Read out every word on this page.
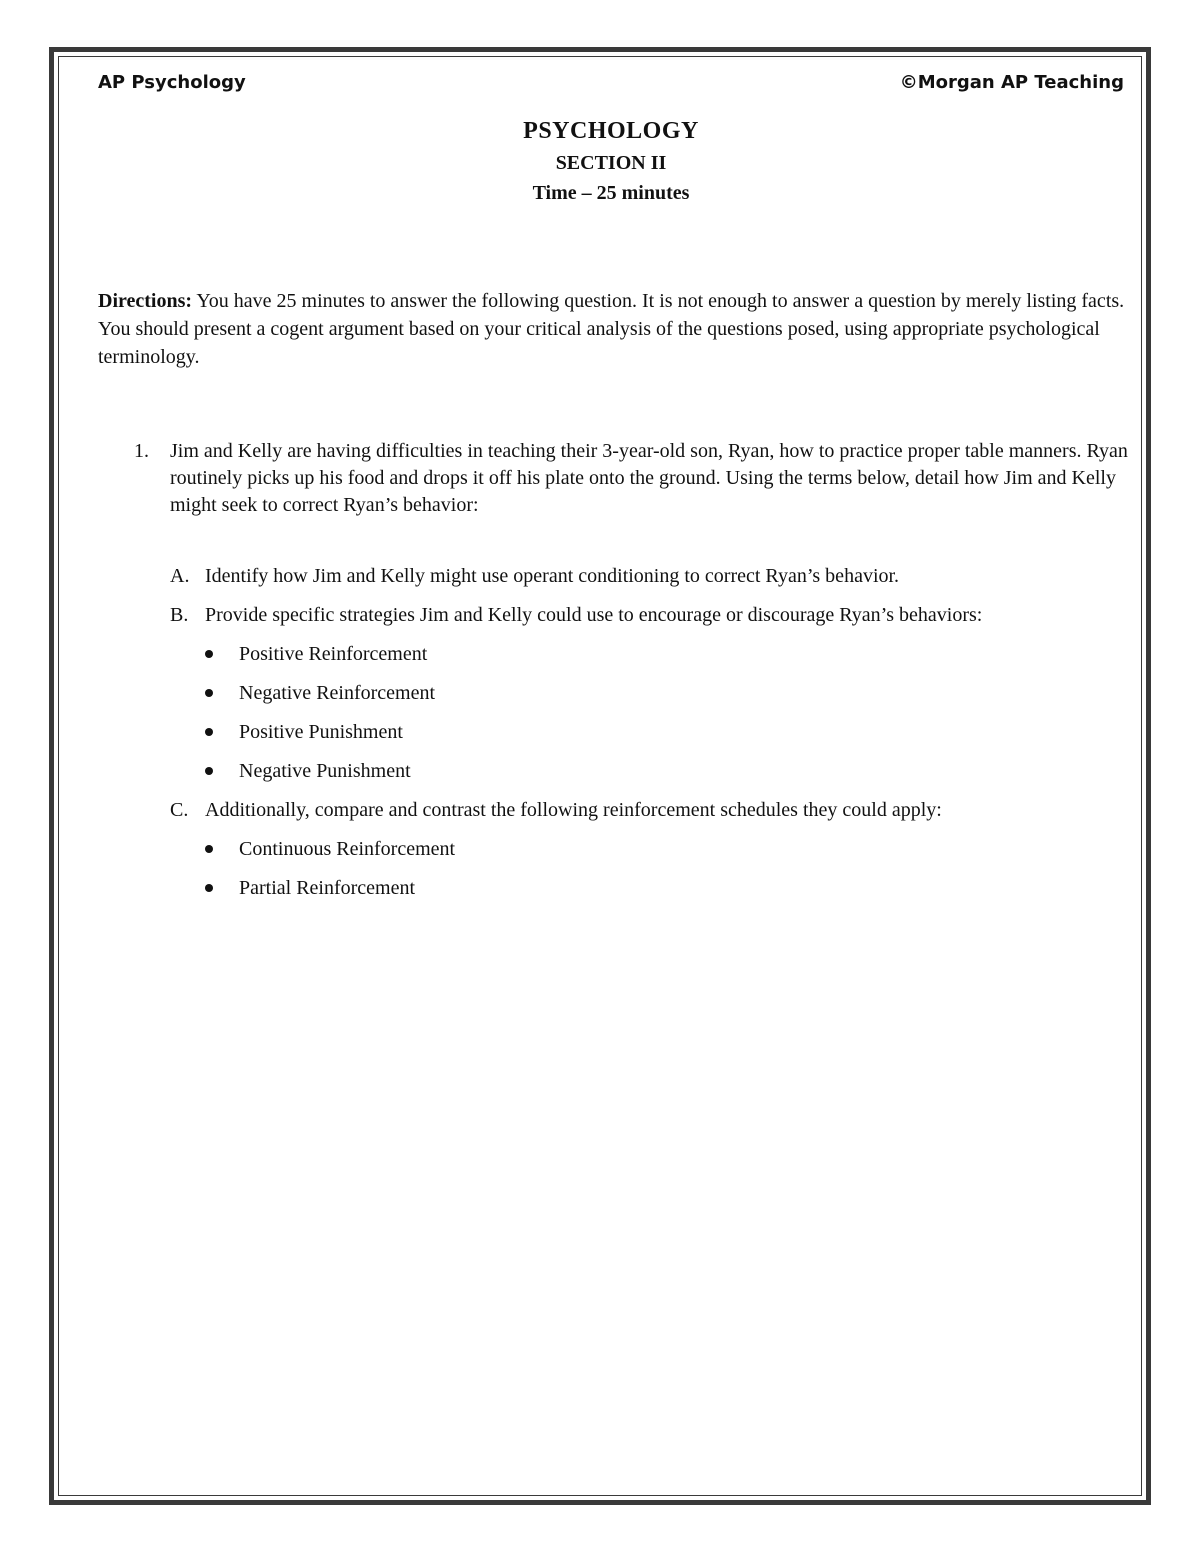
AP Psychology	©Morgan AP Teaching
PSYCHOLOGY
SECTION II
Time – 25 minutes
Directions: You have 25 minutes to answer the following question. It is not enough to answer a question by merely listing facts. You should present a cogent argument based on your critical analysis of the questions posed, using appropriate psychological terminology.
1. Jim and Kelly are having difficulties in teaching their 3-year-old son, Ryan, how to practice proper table manners. Ryan routinely picks up his food and drops it off his plate onto the ground. Using the terms below, detail how Jim and Kelly might seek to correct Ryan’s behavior:
A. Identify how Jim and Kelly might use operant conditioning to correct Ryan’s behavior.
B. Provide specific strategies Jim and Kelly could use to encourage or discourage Ryan’s behaviors:
Positive Reinforcement
Negative Reinforcement
Positive Punishment
Negative Punishment
C. Additionally, compare and contrast the following reinforcement schedules they could apply:
Continuous Reinforcement
Partial Reinforcement
